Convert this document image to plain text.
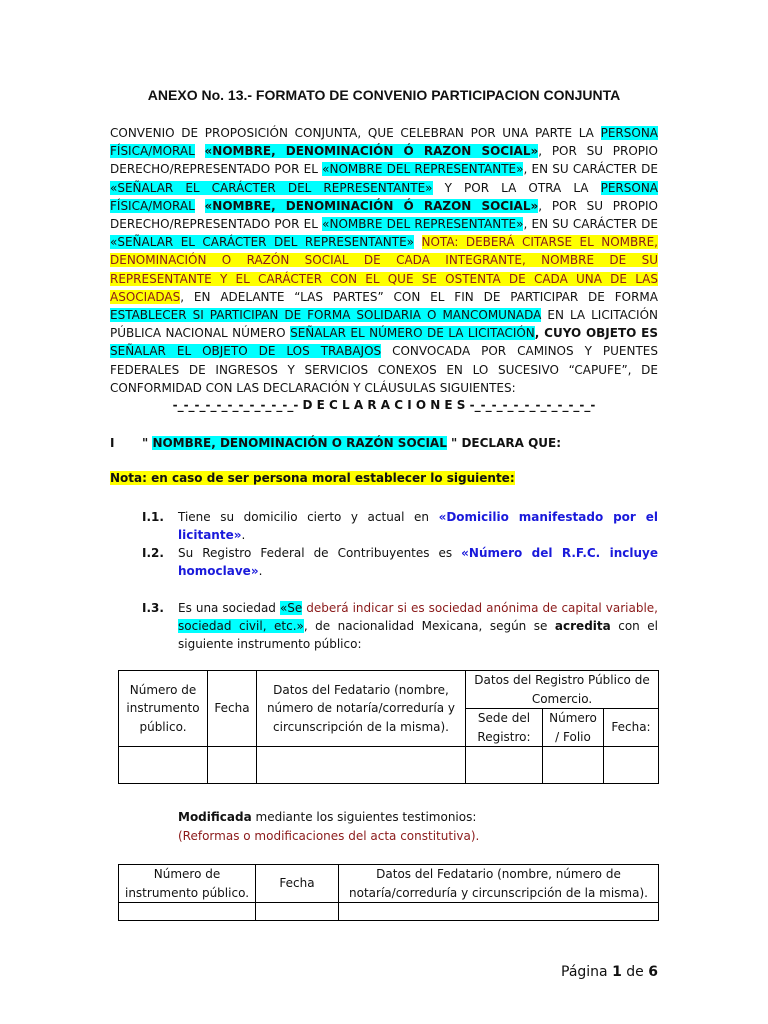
ANEXO No. 13.- FORMATO DE CONVENIO PARTICIPACION CONJUNTA
CONVENIO DE PROPOSICIÓN CONJUNTA, QUE CELEBRAN POR UNA PARTE LA PERSONA FÍSICA/MORAL «NOMBRE, DENOMINACIÓN Ó RAZON SOCIAL», POR SU PROPIO DERECHO/REPRESENTADO POR EL «NOMBRE DEL REPRESENTANTE», EN SU CARÁCTER DE «SEÑALAR EL CARÁCTER DEL REPRESENTANTE» Y POR LA OTRA LA PERSONA FÍSICA/MORAL «NOMBRE, DENOMINACIÓN Ó RAZON SOCIAL», POR SU PROPIO DERECHO/REPRESENTADO POR EL «NOMBRE DEL REPRESENTANTE», EN SU CARÁCTER DE «SEÑALAR EL CARÁCTER DEL REPRESENTANTE» NOTA: DEBERÁ CITARSE EL NOMBRE, DENOMINACIÓN O RAZÓN SOCIAL DE CADA INTEGRANTE, NOMBRE DE SU REPRESENTANTE Y EL CARÁCTER CON EL QUE SE OSTENTA DE CADA UNA DE LAS ASOCIADAS, EN ADELANTE “LAS PARTES” CON EL FIN DE PARTICIPAR DE FORMA ESTABLECER SI PARTICIPAN DE FORMA SOLIDARIA O MANCOMUNADA EN LA LICITACIÓN PÚBLICA NACIONAL NÚMERO SEÑALAR EL NÚMERO DE LA LICITACIÓN, CUYO OBJETO ES SEÑALAR EL OBJETO DE LOS TRABAJOS CONVOCADA POR CAMINOS Y PUENTES FEDERALES DE INGRESOS Y SERVICIOS CONEXOS EN LO SUCESIVO “CAPUFE”, DE CONFORMIDAD CON LAS DECLARACIÓN Y CLÁUSULAS SIGUIENTES:
-_-_-_-_-_-_-_-_-_-_-_- D E C L A R A C I O N E S -_-_-_-_-_-_-_-_-_-_-_-
I " NOMBRE, DENOMINACIÓN O RAZÓN SOCIAL " DECLARA QUE:
Nota: en caso de ser persona moral establecer lo siguiente:
I.1. Tiene su domicilio cierto y actual en «Domicilio manifestado por el licitante».
I.2. Su Registro Federal de Contribuyentes es «Número del R.F.C. incluye homoclave».
I.3. Es una sociedad «Se deberá indicar si es sociedad anónima de capital variable, sociedad civil, etc.», de nacionalidad Mexicana, según se acredita con el siguiente instrumento público:
Número de instrumento público.	Fecha	Datos del Fedatario (nombre, número de notaría/correduría y circunscripción de la misma).	Datos del Registro Público de Comercio.		
			Sede del Registro:	Número / Folio	Fecha:

Modificada mediante los siguientes testimonios:
(Reformas o modificaciones del acta constitutiva).
Número de instrumento público.	Fecha	Datos del Fedatario (nombre, número de notaría/correduría y circunscripción de la misma).

Página 1 de 6
